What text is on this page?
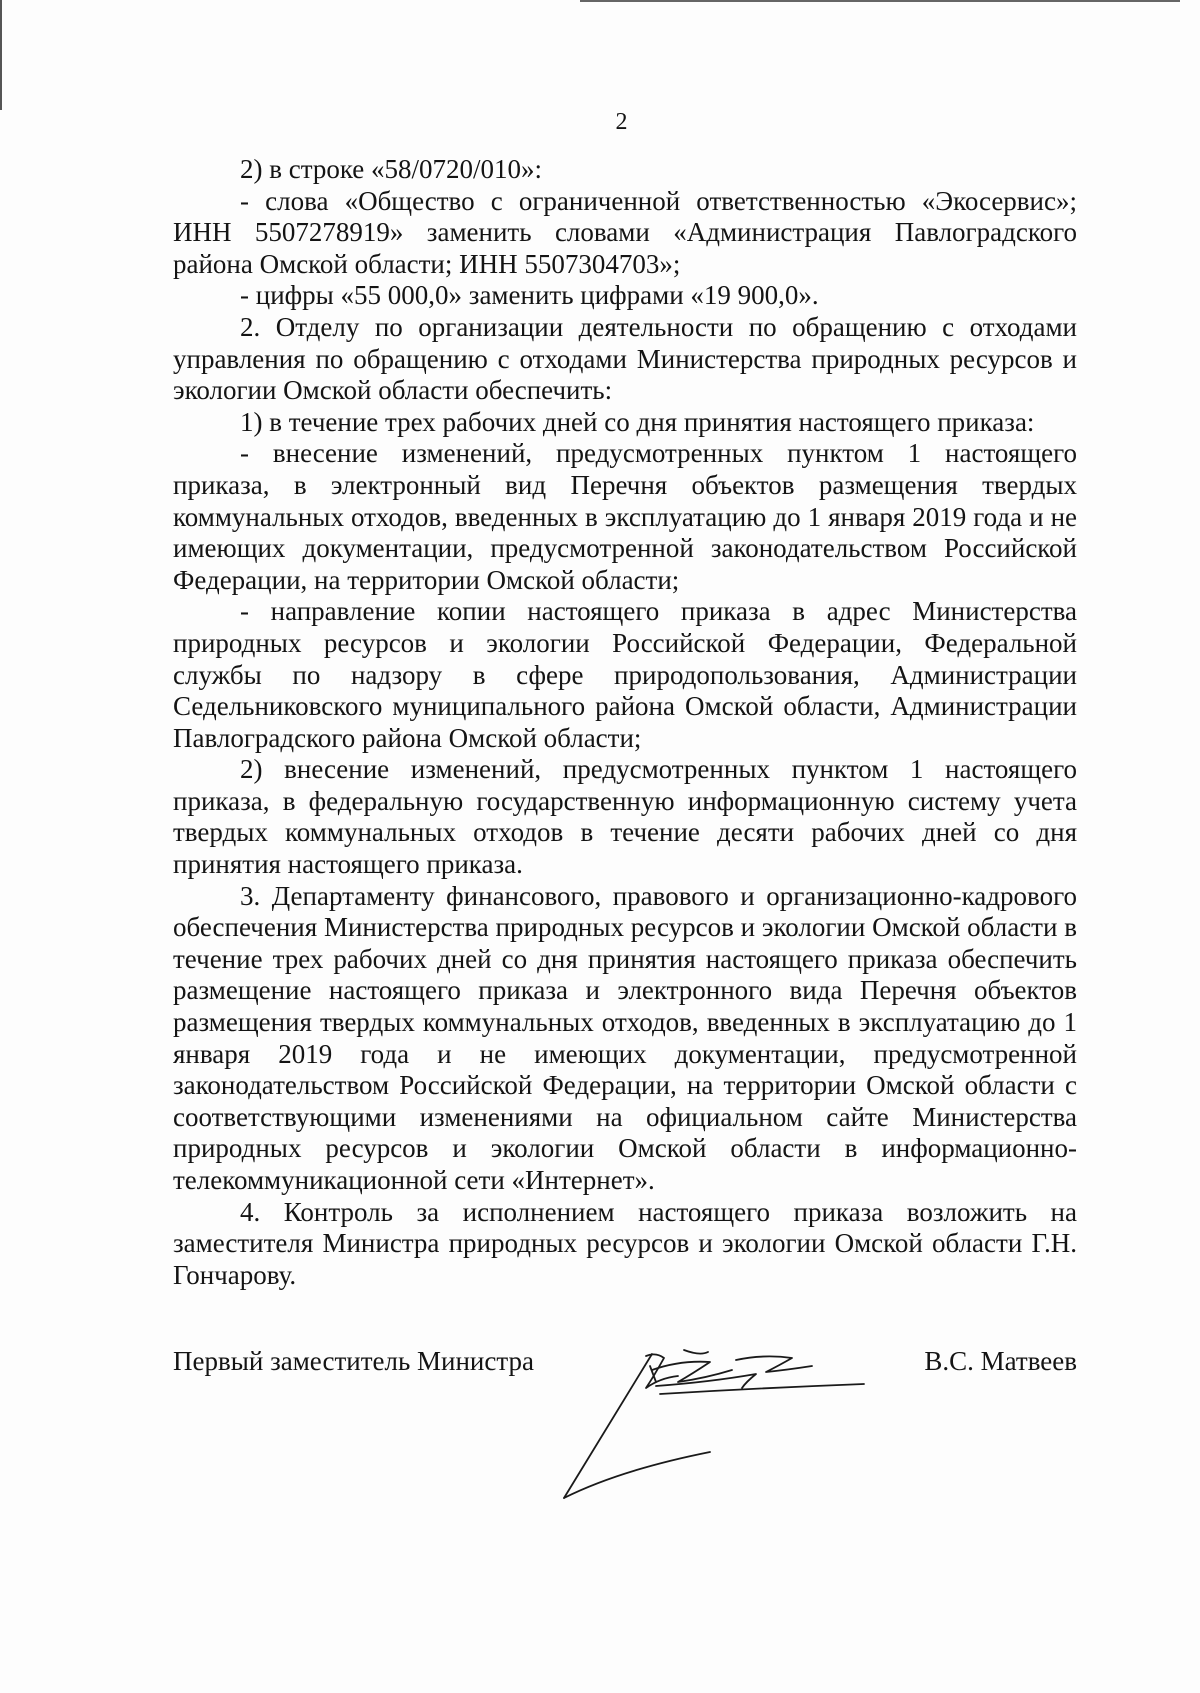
2

2) в строке «58/0720/010»:

- слова «Общество с ограниченной ответственностью «Экосервис»; ИНН 5507278919» заменить словами «Администрация Павлоградского района Омской области; ИНН 5507304703»;

- цифры «55 000,0» заменить цифрами «19 900,0».

2. Отделу по организации деятельности по обращению с отходами управления по обращению с отходами Министерства природных ресурсов и экологии Омской области обеспечить:

1) в течение трех рабочих дней со дня принятия настоящего приказа:

- внесение изменений, предусмотренных пунктом 1 настоящего приказа, в электронный вид Перечня объектов размещения твердых коммунальных отходов, введенных в эксплуатацию до 1 января 2019 года и не имеющих документации, предусмотренной законодательством Российской Федерации, на территории Омской области;

- направление копии настоящего приказа в адрес Министерства природных ресурсов и экологии Российской Федерации, Федеральной службы по надзору в сфере природопользования, Администрации Седельниковского муниципального района Омской области, Администрации Павлоградского района Омской области;

2) внесение изменений, предусмотренных пунктом 1 настоящего приказа, в федеральную государственную информационную систему учета твердых коммунальных отходов в течение десяти рабочих дней со дня принятия настоящего приказа.

3. Департаменту финансового, правового и организационно-кадрового обеспечения Министерства природных ресурсов и экологии Омской области в течение трех рабочих дней со дня принятия настоящего приказа обеспечить размещение настоящего приказа и электронного вида Перечня объектов размещения твердых коммунальных отходов, введенных в эксплуатацию до 1 января 2019 года и не имеющих документации, предусмотренной законодательством Российской Федерации, на территории Омской области с соответствующими изменениями на официальном сайте Министерства природных ресурсов и экологии Омской области в информационно-телекоммуникационной сети «Интернет».

4. Контроль за исполнением настоящего приказа возложить на заместителя Министра природных ресурсов и экологии Омской области Г.Н. Гончарову.

Первый заместитель Министра	В.С. Матвеев
